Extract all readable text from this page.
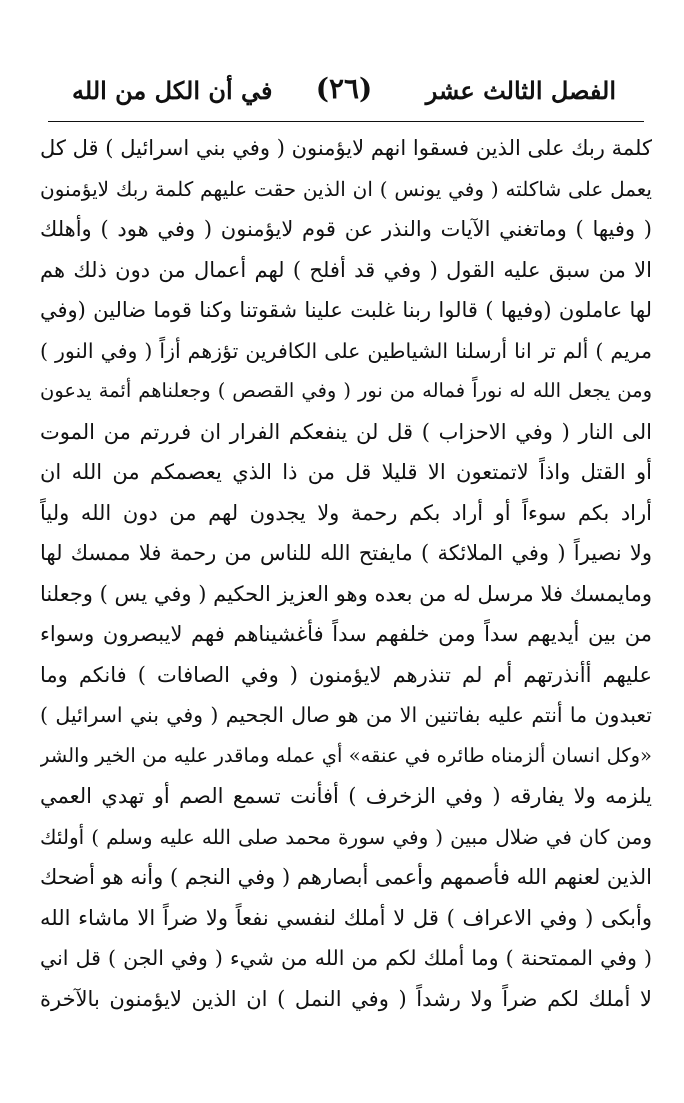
الفصل الثالث عشر
(٢٦)
في أن الكل من الله
كلمة ربك على الذين فسقوا انهم لايؤمنون ( وفي بني اسرائيل ) قل كل
يعمل على شاكلته ( وفي يونس ) ان الذين حقت عليهم كلمة ربك لايؤمنون
( وفيها ) وماتغني الآيات والنذر عن قوم لايؤمنون ( وفي هود ) وأهلك
الا من سبق عليه القول ( وفي قد أفلح ) لهم أعمال من دون ذلك هم
لها عاملون (وفيها ) قالوا ربنا غلبت علينا شقوتنا وكنا قوما ضالين (وفي
مريم ) ألم تر انا أرسلنا الشياطين على الكافرين تؤزهم أزاً ( وفي النور )
ومن يجعل الله له نوراً فماله من نور ( وفي القصص ) وجعلناهم أئمة يدعون
الى النار ( وفي الاحزاب ) قل لن ينفعكم الفرار ان فررتم من الموت
أو القتل واذاً لاتمتعون الا قليلا قل من ذا الذي يعصمكم من الله ان
أراد بكم سوءاً أو أراد بكم رحمة ولا يجدون لهم من دون الله ولياً
ولا نصيراً ( وفي الملائكة ) مايفتح الله للناس من رحمة فلا ممسك لها
ومايمسك فلا مرسل له من بعده وهو العزيز الحكيم ( وفي يس ) وجعلنا
من بين أيديهم سداً ومن خلفهم سداً فأغشيناهم فهم لايبصرون وسواء
عليهم أأنذرتهم أم لم تنذرهم لايؤمنون ( وفي الصافات ) فانكم وما
تعبدون ما أنتم عليه بفاتنين الا من هو صال الجحيم ( وفي بني اسرائيل )
«وكل انسان ألزمناه طائره في عنقه» أي عمله وماقدر عليه من الخير والشر
يلزمه ولا يفارقه ( وفي الزخرف ) أفأنت تسمع الصم أو تهدي العمي
ومن كان في ضلال مبين ( وفي سورة محمد صلى الله عليه وسلم ) أولئك
الذين لعنهم الله فأصمهم وأعمى أبصارهم ( وفي النجم ) وأنه هو أضحك
وأبكى ( وفي الاعراف ) قل لا أملك لنفسي نفعاً ولا ضراً الا ماشاء الله
( وفي الممتحنة ) وما أملك لكم من الله من شيء ( وفي الجن ) قل اني
لا أملك لكم ضراً ولا رشداً ( وفي النمل ) ان الذين لايؤمنون بالآخرة
